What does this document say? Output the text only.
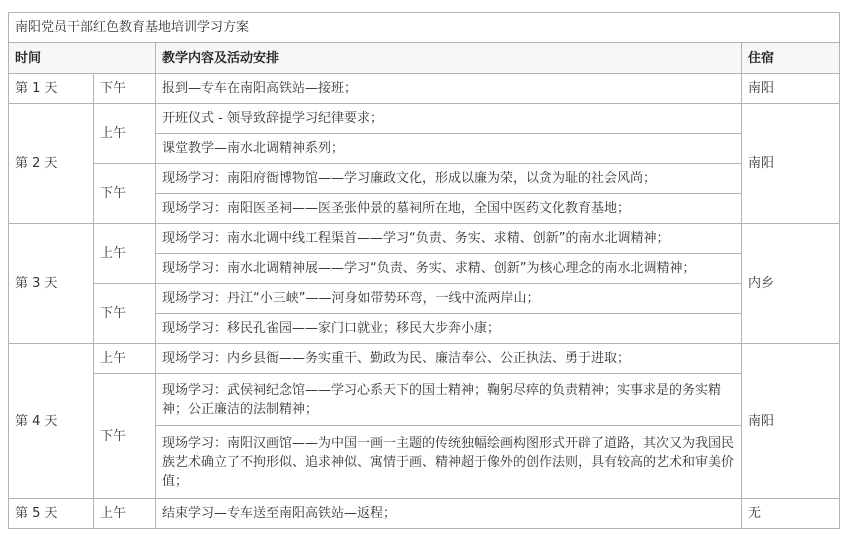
南阳党员干部红色教育基地培训学习方案			
时间		教学内容及活动安排	住宿
第 1 天	下午	报到—专车在南阳高铁站—接班；	南阳
第 2 天	上午	开班仪式 - 领导致辞提学习纪律要求；	南阳
		课堂教学—南水北调精神系列；	
	下午	现场学习：南阳府衙博物馆——学习廉政文化，形成以廉为荣，以贪为耻的社会风尚；	
		现场学习：南阳医圣祠——医圣张仲景的墓祠所在地，全国中医药文化教育基地；	
第 3 天	上午	现场学习：南水北调中线工程渠首——学习“负责、务实、求精、创新”的南水北调精神；	内乡
		现场学习：南水北调精神展——学习“负责、务实、求精、创新”为核心理念的南水北调精神；	
	下午	现场学习：丹江“小三峡”——河身如带势环弯，一线中流两岸山；	
		现场学习：移民孔雀园——家门口就业；移民大步奔小康；	
第 4 天	上午	现场学习：内乡县衙——务实重干、勤政为民、廉洁奉公、公正执法、勇于进取；	南阳
	下午	现场学习：武侯祠纪念馆——学习心系天下的国士精神；鞠躬尽瘁的负责精神；实事求是的务实精神；公正廉洁的法制精神；	
		现场学习：南阳汉画馆——为中国一画一主题的传统独幅绘画构图形式开辟了道路，其次又为我国民族艺术确立了不拘形似、追求神似、寓情于画、精神超于像外的创作法则，具有较高的艺术和审美价值；	
第 5 天	上午	结束学习—专车送至南阳高铁站—返程；	无
